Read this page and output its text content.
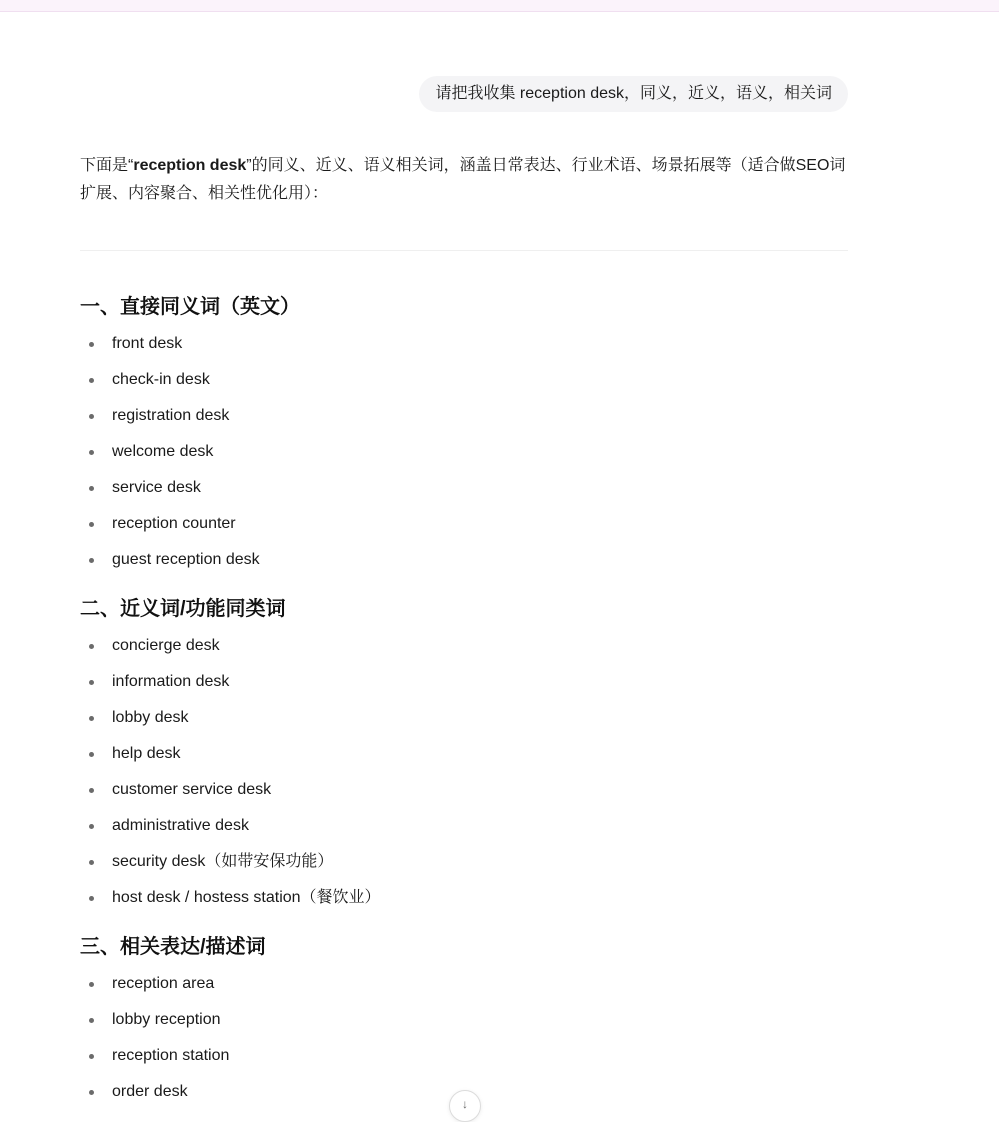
请把我收集 reception desk，同义，近义，语义，相关词

下面是“reception desk”的同义、近义、语义相关词，涵盖日常表达、行业术语、场景拓展等（适合做SEO词扩展、内容聚合、相关性优化用）：

一、直接同义词（英文）
front desk
check-in desk
registration desk
welcome desk
service desk
reception counter
guest reception desk
二、近义词/功能同类词
concierge desk
information desk
lobby desk
help desk
customer service desk
administrative desk
security desk（如带安保功能）
host desk / hostess station（餐饮业）
三、相关表达/描述词
reception area
lobby reception
reception station
order desk
↓
